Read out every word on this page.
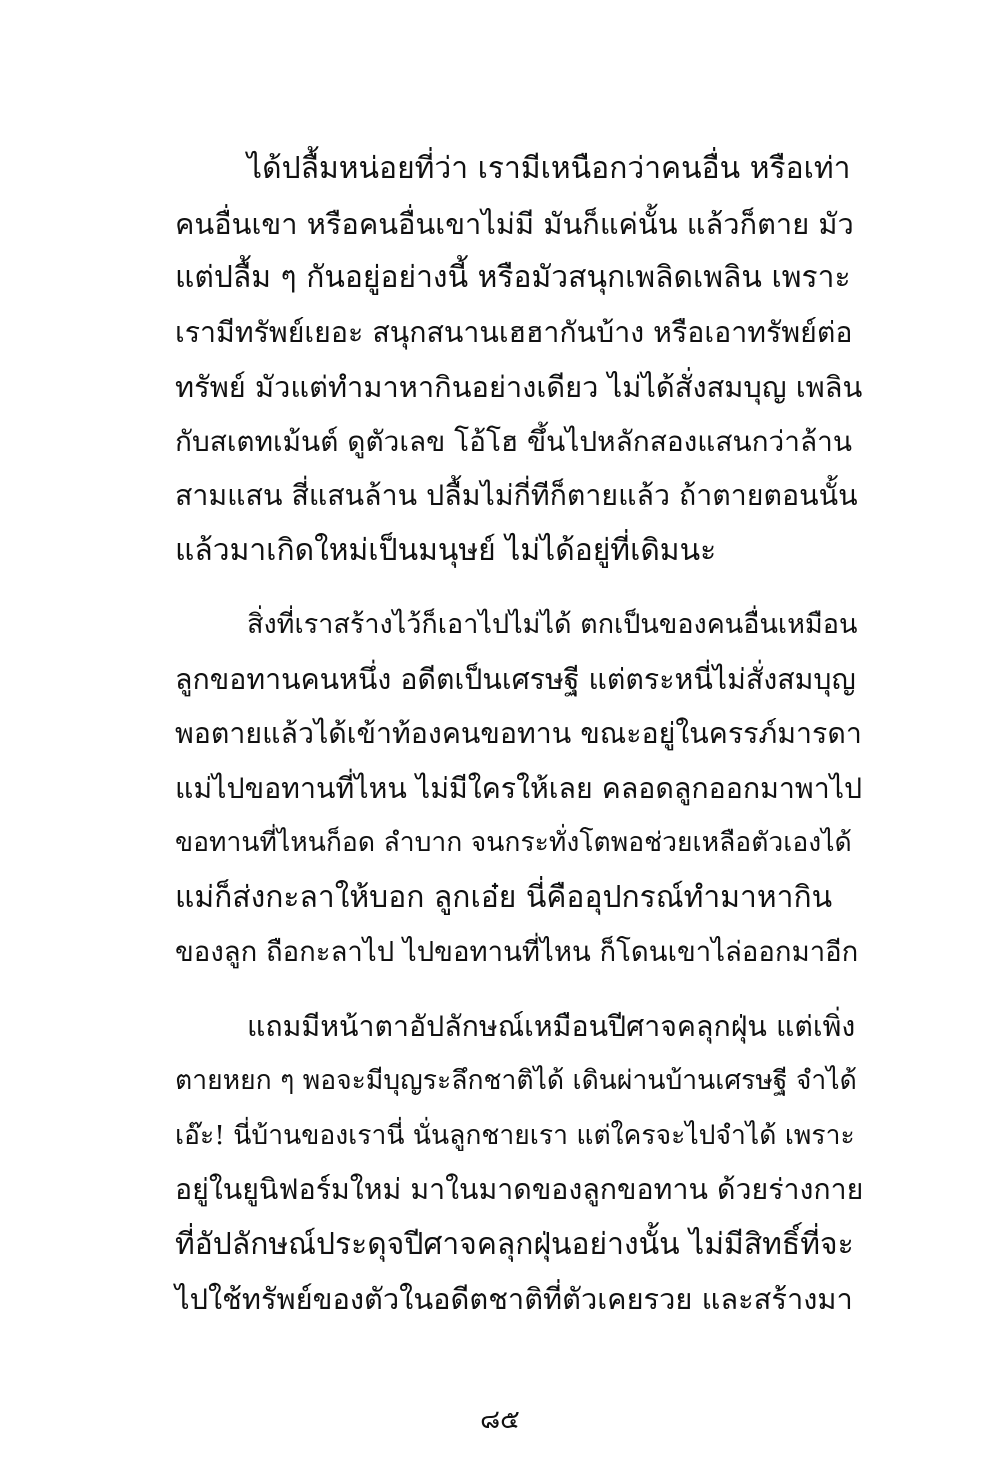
ได้ปลื้มหน่อยที่ว่า เรามีเหนือกว่าคนอื่น หรือเท่า
คนอื่นเขา หรือคนอื่นเขาไม่มี มันก็แค่นั้น แล้วก็ตาย มัว
แต่ปลื้ม ๆ กันอยู่อย่างนี้ หรือมัวสนุกเพลิดเพลิน เพราะ
เรามีทรัพย์เยอะ สนุกสนานเฮฮากันบ้าง หรือเอาทรัพย์ต่อ
ทรัพย์ มัวแต่ทำมาหากินอย่างเดียว ไม่ได้สั่งสมบุญ เพลิน
กับสเตทเม้นต์ ดูตัวเลข โอ้โฮ ขึ้นไปหลักสองแสนกว่าล้าน
สามแสน สี่แสนล้าน ปลื้มไม่กี่ทีก็ตายแล้ว ถ้าตายตอนนั้น
แล้วมาเกิดใหม่เป็นมนุษย์ ไม่ได้อยู่ที่เดิมนะ

สิ่งที่เราสร้างไว้ก็เอาไปไม่ได้ ตกเป็นของคนอื่นเหมือน
ลูกขอทานคนหนึ่ง อดีตเป็นเศรษฐี แต่ตระหนี่ไม่สั่งสมบุญ
พอตายแล้วได้เข้าท้องคนขอทาน ขณะอยู่ในครรภ์มารดา
แม่ไปขอทานที่ไหน ไม่มีใครให้เลย คลอดลูกออกมาพาไป
ขอทานที่ไหนก็อด ลำบาก จนกระทั่งโตพอช่วยเหลือตัวเองได้
แม่ก็ส่งกะลาให้บอก ลูกเอ๋ย นี่คืออุปกรณ์ทำมาหากิน
ของลูก ถือกะลาไป ไปขอทานที่ไหน ก็โดนเขาไล่ออกมาอีก

แถมมีหน้าตาอัปลักษณ์เหมือนปีศาจคลุกฝุ่น แต่เพิ่ง
ตายหยก ๆ พอจะมีบุญระลึกชาติได้ เดินผ่านบ้านเศรษฐี จำได้
เอ๊ะ! นี่บ้านของเรานี่ นั่นลูกชายเรา แต่ใครจะไปจำได้ เพราะ
อยู่ในยูนิฟอร์มใหม่ มาในมาดของลูกขอทาน ด้วยร่างกาย
ที่อัปลักษณ์ประดุจปีศาจคลุกฝุ่นอย่างนั้น ไม่มีสิทธิ์ที่จะ
ไปใช้ทรัพย์ของตัวในอดีตชาติที่ตัวเคยรวย และสร้างมา

๘๕
